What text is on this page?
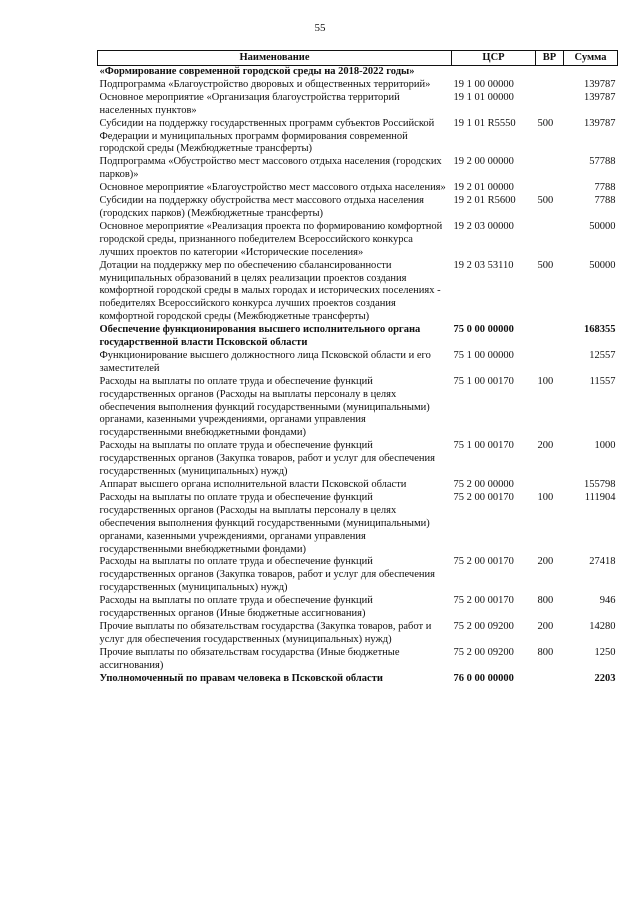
55
Наименование	ЦСР	ВР	Сумма
«Формирование современной городской среды на 2018-2022 годы»			
Подпрограмма «Благоустройство дворовых и общественных территорий»	19 1 00 00000		139787
Основное мероприятие «Организация благоустройства территорий населенных пунктов»	19 1 01 00000		139787
Субсидии на поддержку государственных программ субъектов Российской Федерации и муниципальных программ формирования современной городской среды (Межбюджетные трансферты)	19 1 01 R5550	500	139787
Подпрограмма «Обустройство мест массового отдыха населения (городских парков)»	19 2 00 00000		57788
Основное мероприятие «Благоустройство мест массового отдыха населения»	19 2 01 00000		7788
Субсидии на поддержку обустройства мест массового отдыха населения (городских парков) (Межбюджетные трансферты)	19 2 01 R5600	500	7788
Основное мероприятие «Реализация проекта по формированию комфортной городской среды, признанного победителем Всероссийского конкурса лучших проектов по категории «Исторические поселения»	19 2 03 00000		50000
Дотации на поддержку мер по обеспечению сбалансированности муниципальных образований в целях реализации проектов создания комфортной городской среды в малых городах и исторических поселениях - победителях Всероссийского конкурса лучших проектов создания комфортной городской среды (Межбюджетные трансферты)	19 2 03 53110	500	50000
Обеспечение функционирования высшего исполнительного органа государственной власти Псковской области	75 0 00 00000		168355
Функционирование высшего должностного лица Псковской области и его заместителей	75 1 00 00000		12557
Расходы на выплаты по оплате труда и обеспечение функций государственных органов (Расходы на выплаты персоналу в целях обеспечения выполнения функций государственными (муниципальными) органами, казенными учреждениями, органами управления государственными внебюджетными фондами)	75 1 00 00170	100	11557
Расходы на выплаты по оплате труда и обеспечение функций государственных органов (Закупка товаров, работ и услуг для обеспечения государственных (муниципальных) нужд)	75 1 00 00170	200	1000
Аппарат высшего органа исполнительной власти Псковской области	75 2 00 00000		155798
Расходы на выплаты по оплате труда и обеспечение функций государственных органов (Расходы на выплаты персоналу в целях обеспечения выполнения функций государственными (муниципальными) органами, казенными учреждениями, органами управления государственными внебюджетными фондами)	75 2 00 00170	100	111904
Расходы на выплаты по оплате труда и обеспечение функций государственных органов (Закупка товаров, работ и услуг для обеспечения государственных (муниципальных) нужд)	75 2 00 00170	200	27418
Расходы на выплаты по оплате труда и обеспечение функций государственных органов (Иные бюджетные ассигнования)	75 2 00 00170	800	946
Прочие выплаты по обязательствам государства (Закупка товаров, работ и услуг для обеспечения государственных (муниципальных) нужд)	75 2 00 09200	200	14280
Прочие выплаты по обязательствам государства (Иные бюджетные ассигнования)	75 2 00 09200	800	1250
Уполномоченный по правам человека в Псковской области	76 0 00 00000		2203
